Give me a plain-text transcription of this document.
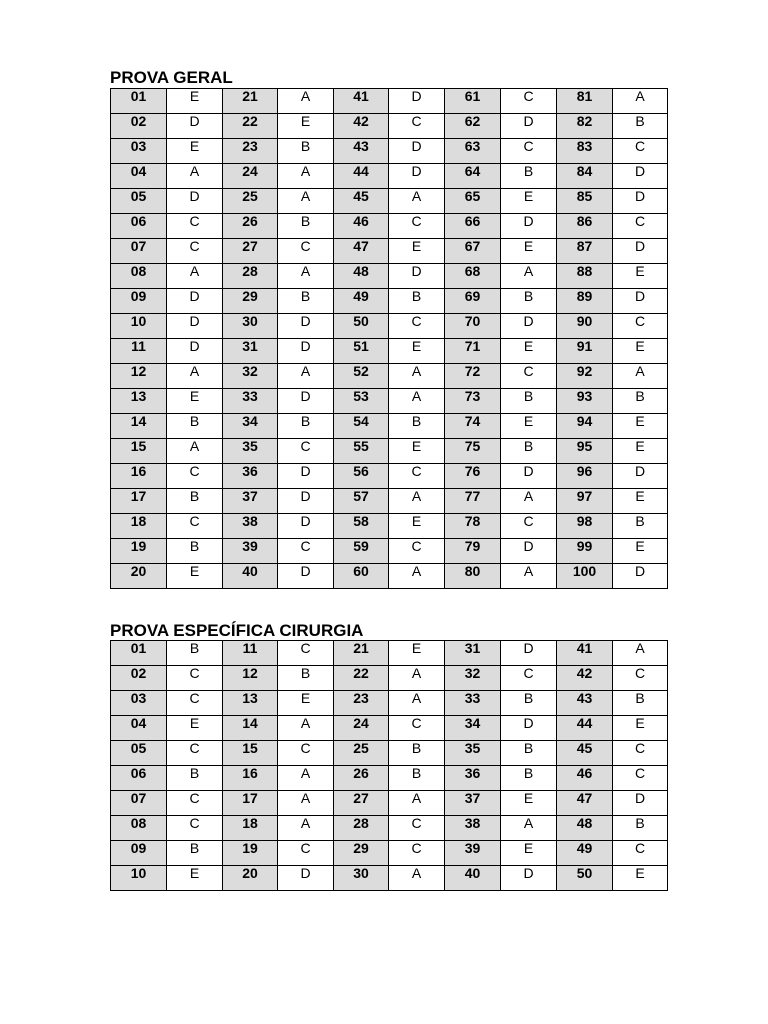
PROVA GERAL
01	E	21	A	41	D	61	C	81	A
02	D	22	E	42	C	62	D	82	B
03	E	23	B	43	D	63	C	83	C
04	A	24	A	44	D	64	B	84	D
05	D	25	A	45	A	65	E	85	D
06	C	26	B	46	C	66	D	86	C
07	C	27	C	47	E	67	E	87	D
08	A	28	A	48	D	68	A	88	E
09	D	29	B	49	B	69	B	89	D
10	D	30	D	50	C	70	D	90	C
11	D	31	D	51	E	71	E	91	E
12	A	32	A	52	A	72	C	92	A
13	E	33	D	53	A	73	B	93	B
14	B	34	B	54	B	74	E	94	E
15	A	35	C	55	E	75	B	95	E
16	C	36	D	56	C	76	D	96	D
17	B	37	D	57	A	77	A	97	E
18	C	38	D	58	E	78	C	98	B
19	B	39	C	59	C	79	D	99	E
20	E	40	D	60	A	80	A	100	D
PROVA ESPECÍFICA CIRURGIA
01	B	11	C	21	E	31	D	41	A
02	C	12	B	22	A	32	C	42	C
03	C	13	E	23	A	33	B	43	B
04	E	14	A	24	C	34	D	44	E
05	C	15	C	25	B	35	B	45	C
06	B	16	A	26	B	36	B	46	C
07	C	17	A	27	A	37	E	47	D
08	C	18	A	28	C	38	A	48	B
09	B	19	C	29	C	39	E	49	C
10	E	20	D	30	A	40	D	50	E
